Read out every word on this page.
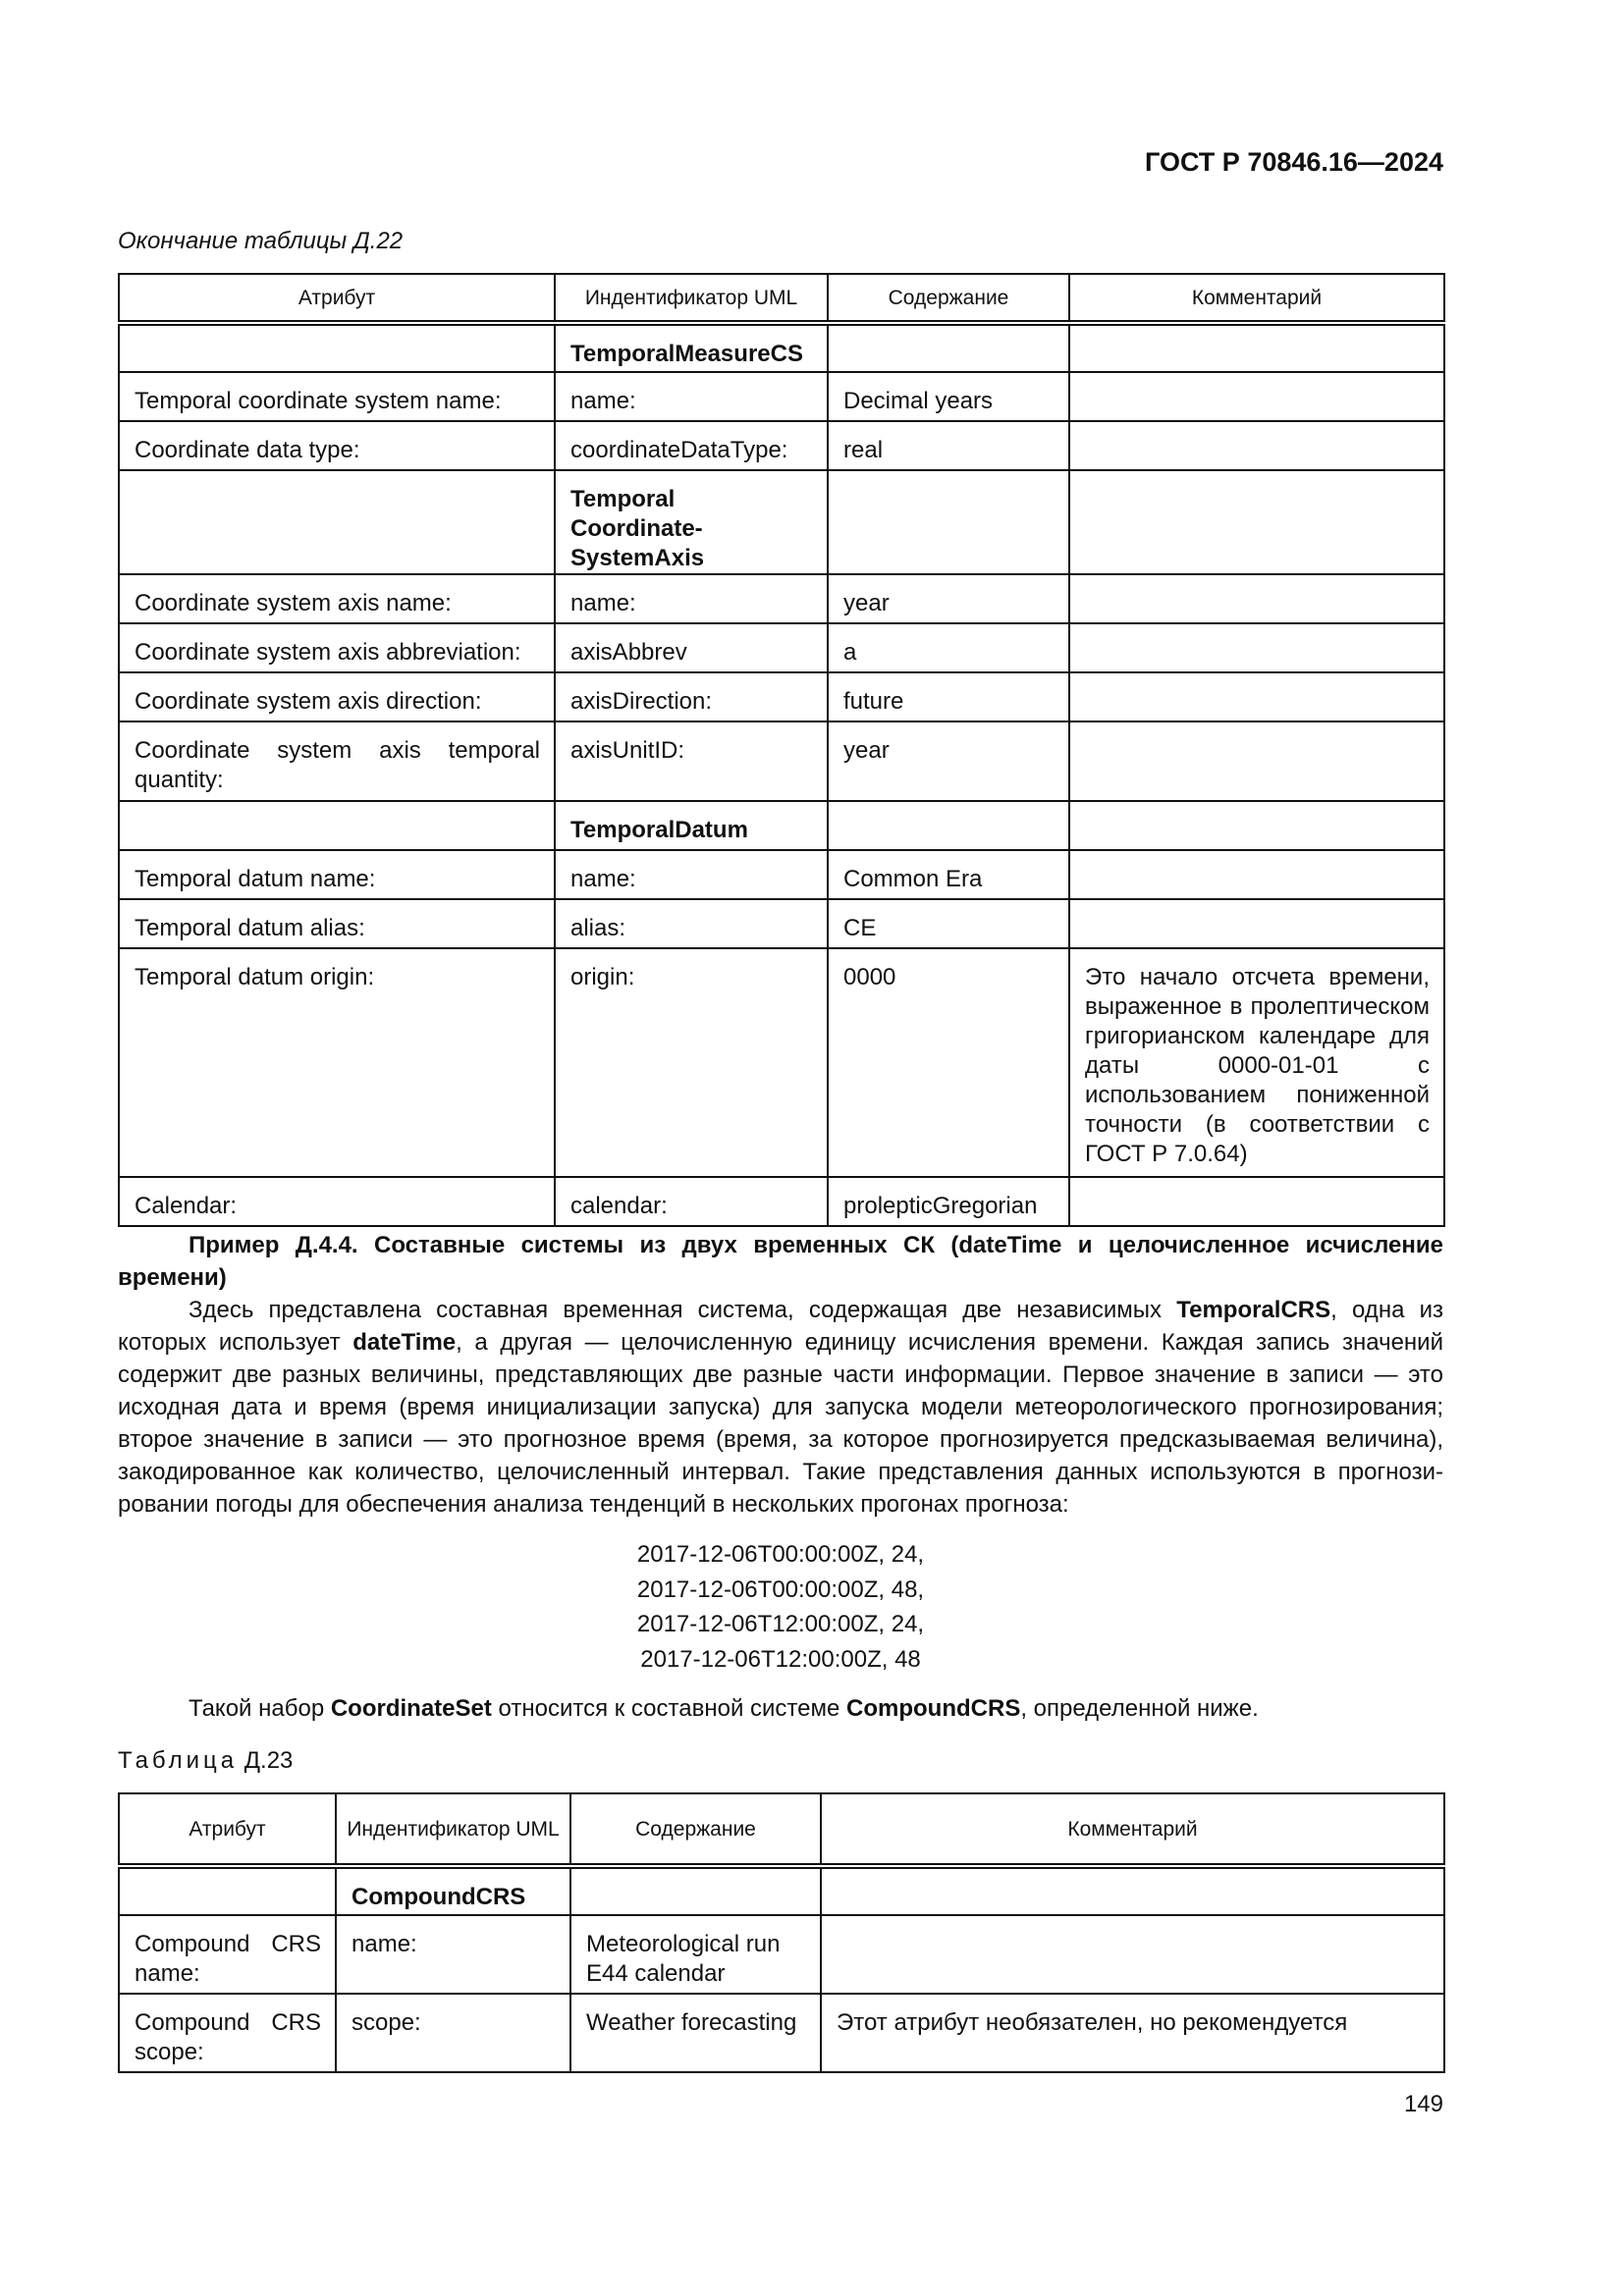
ГОСТ Р 70846.16—2024
Окончание таблицы Д.22
Атрибут	Индентификатор UML	Содержание	Комментарий
	TemporalMeasureCS		
Temporal coordinate system name:	name:	Decimal years	
Coordinate data type:	coordinateDataType:	real	
	Temporal Coordinate-SystemAxis		
Coordinate system axis name:	name:	year	
Coordinate system axis abbreviation:	axisAbbrev	a	
Coordinate system axis direction:	axisDirection:	future	
Coordinate system axis temporal quantity:	axisUnitID:	year	
	TemporalDatum		
Temporal datum name:	name:	Common Era	
Temporal datum alias:	alias:	CE	
Temporal datum origin:	origin:	0000	Это начало отсчета времени, выраженное в пролептическом григорианском календаре для даты 0000-01-01 с использованием пониженной точности (в соответствии с ГОСТ Р 7.0.64)
Calendar:	calendar:	prolepticGregorian	
Пример Д.4.4. Составные системы из двух временных СК (dateTime и целочисленное исчисление времени)
Здесь представлена составная временная система, содержащая две независимых TemporalCRS, одна из которых использует dateTime, а другая — целочисленную единицу исчисления времени. Каждая запись значений содержит две разных величины, представляющих две разные части информации. Первое значение в записи — это исходная дата и время (время инициализации запуска) для запуска модели метеорологического прогнозирования; второе значение в записи — это прогнозное время (время, за которое прогнозируется предсказываемая величина), закодированное как количество, целочисленный интервал. Такие представления данных используются в прогнозировании погоды для обеспечения анализа тенденций в нескольких прогонах прогноза:
2017-12-06T00:00:00Z, 24,
2017-12-06T00:00:00Z, 48,
2017-12-06T12:00:00Z, 24,
2017-12-06T12:00:00Z, 48
Такой набор CoordinateSet относится к составной системе CompoundCRS, определенной ниже.
Таблица Д.23
Атрибут	Индентификатор UML	Содержание	Комментарий
	CompoundCRS		
Compound CRS name:	name:	Meteorological run E44 calendar	
Compound CRS scope:	scope:	Weather forecasting	Этот атрибут необязателен, но рекомендуется
149
